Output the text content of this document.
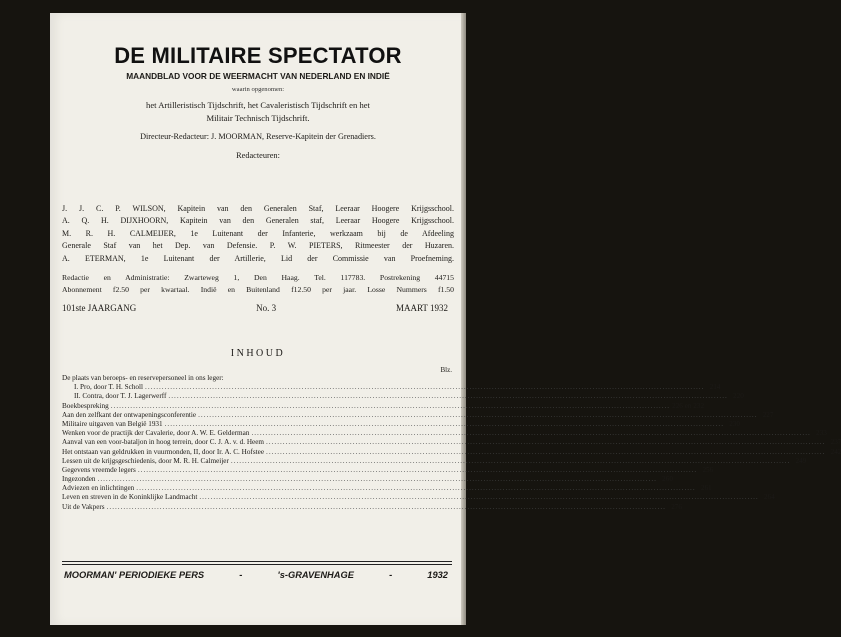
DE MILITAIRE SPECTATOR
MAANDBLAD VOOR DE WEERMACHT VAN NEDERLAND EN INDIË
waarin opgenomen:
het Artilleristisch Tijdschrift, het Cavaleristisch Tijdschrift en het
Militair Technisch Tijdschrift.
Directeur-Redacteur: J. MOORMAN, Reserve-Kapitein der Grenadiers.
Redacteuren:

J. J. C. P. WILSON, Kapitein van den Generalen Staf, Leeraar Hoogere Krijgsschool.

A. Q. H. DIJXHOORN, Kapitein van den Generalen staf, Leeraar Hoogere Krijgsschool.

M. R. H. CALMEIJER, 1e Luitenant der Infanterie, werkzaam bij de Afdeeling

Generale Staf van het Dep. van Defensie. P. W. PIETERS, Ritmeester der Huzaren.

A. ETERMAN, 1e Luitenant der Artillerie, Lid der Commissie van Proefneming.

Redactie en Administratie: Zwarteweg 1, Den Haag. Tel. 117783. Postrekening 44715

Abonnement f2.50 per kwartaal. Indië en Buitenland f12.50 per jaar. Losse Nummers f1.50

101ste JAARGANG	No. 3	MAART 1932
INHOUD
Blz.
De plaats van beroeps- en reservepersoneel in ons leger:
I. Pro, door T. H. Scholl ........................................................................................................................................................................................................ 214
II. Contra, door T. J. Lagerwerff ........................................................................................................................................................................................................ 220
Boekbespreking ........................................................................................................................................................................................................ 226 en 232
Aan den zelfkant der ontwapeningsconferentie ........................................................................................................................................................................................................ 227
Militaire uitgaven van België 1931 ........................................................................................................................................................................................................ 230
Wenken voor de practijk der Cavalerie, door A. W. E. Gelderman ........................................................................................................................................................................................................ 233
Aanval van een voor-bataljon in hoog terrein, door C. J. A. v. d. Heem ........................................................................................................................................................................................................ 237
Het ontstaan van geldrukken in vuurmonden, II, door Ir. A. C. Hofstee ........................................................................................................................................................................................................ 242
Lessen uit de krijgsgeschiedenis, door M. R. H. Calmeijer ........................................................................................................................................................................................................ 249
Gegevens vreemde legers ........................................................................................................................................................................................................ 256
Ingezonden ........................................................................................................................................................................................................ 260
Adviezen en inlichtingen ........................................................................................................................................................................................................ 261
Leven en streven in de Koninklijke Landmacht ........................................................................................................................................................................................................ 264
Uit de Vakpers ........................................................................................................................................................................................................ 276
MOORMAN' PERIODIEKE PERS	-	's-GRAVENHAGE	-	1932
